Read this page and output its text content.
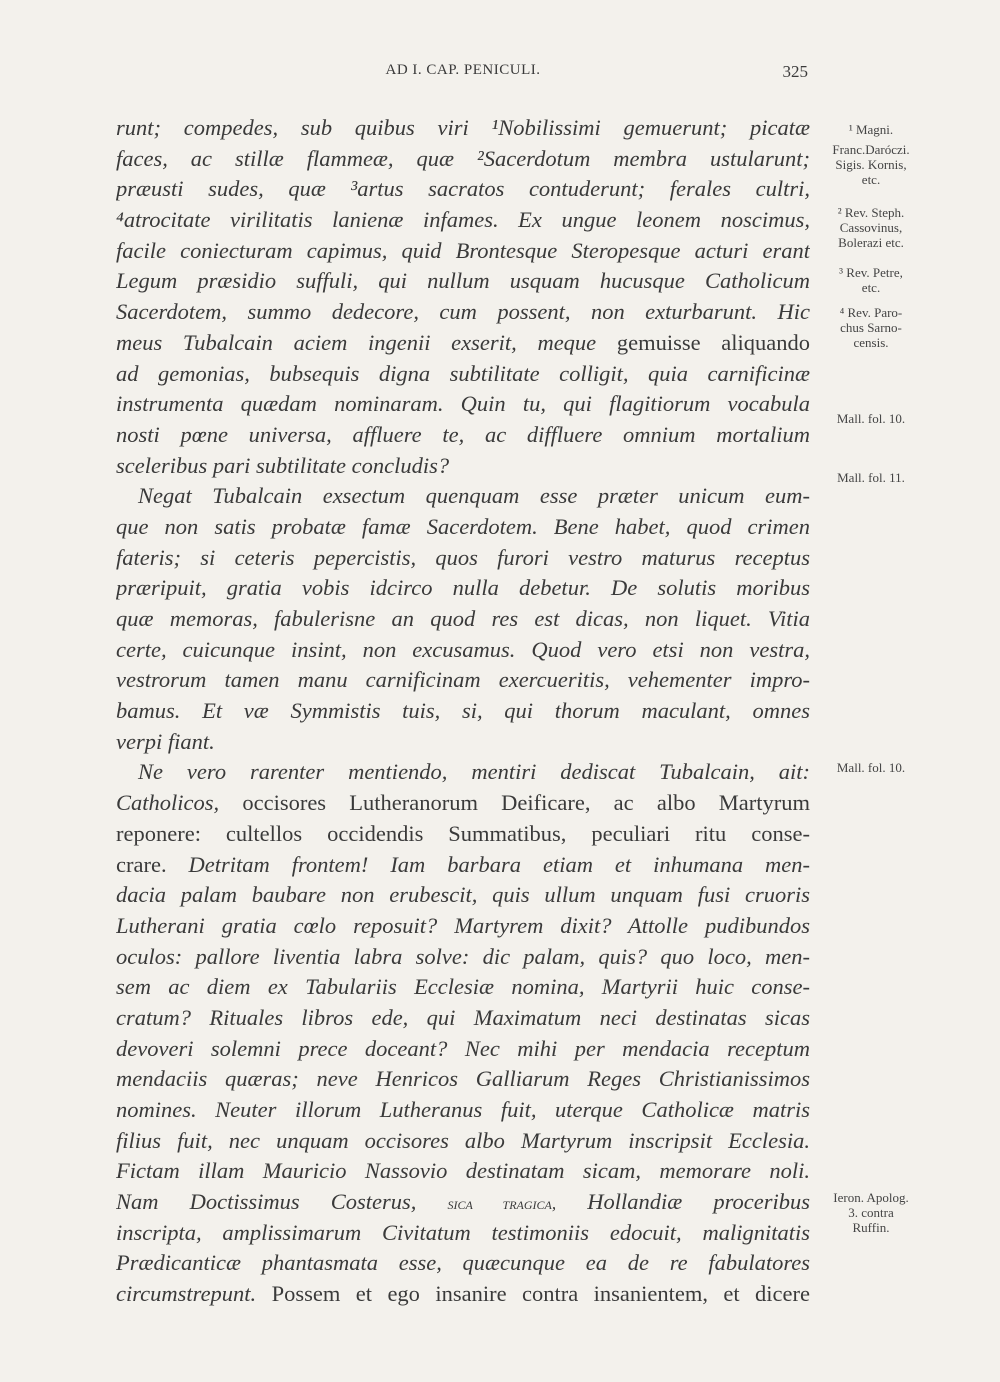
AD I. CAP. PENICULI.	325
runt; compedes, sub quibus viri ¹Nobilissimi gemuerunt; picatæ
faces, ac stillæ flammeæ, quæ ²Sacerdotum membra ustularunt;
præusti sudes, quæ ³artus sacratos contuderunt; ferales cultri,
⁴atrocitate virilitatis lanienæ infames. Ex ungue leonem noscimus,
facile coniecturam capimus, quid Brontesque Steropesque acturi erant
Legum præsidio suffuli, qui nullum usquam hucusque Catholicum
Sacerdotem, summo dedecore, cum possent, non exturbarunt. Hic
meus Tubalcain aciem ingenii exserit, meque gemuisse aliquando
ad gemonias, bubsequis digna subtilitate colligit, quia carnificinæ
instrumenta quædam nominaram. Quin tu, qui flagitiorum vocabula
nosti pœne universa, affluere te, ac diffluere omnium mortalium
sceleribus pari subtilitate concludis?
Negat Tubalcain exsectum quenquam esse præter unicum eum-
que non satis probatæ famæ Sacerdotem. Bene habet, quod crimen
fateris; si ceteris pepercistis, quos furori vestro maturus receptus
præripuit, gratia vobis idcirco nulla debetur. De solutis moribus
quæ memoras, fabulerisne an quod res est dicas, non liquet. Vitia
certe, cuicunque insint, non excusamus. Quod vero etsi non vestra,
vestrorum tamen manu carnificinam exercueritis, vehementer impro-
bamus. Et væ Symmistis tuis, si, qui thorum maculant, omnes
verpi fiant.
Ne vero rarenter mentiendo, mentiri dediscat Tubalcain, ait:
Catholicos, occisores Lutheranorum Deificare, ac albo Martyrum
reponere: cultellos occidendis Summatibus, peculiari ritu conse-
crare. Detritam frontem! Iam barbara etiam et inhumana men-
dacia palam baubare non erubescit, quis ullum unquam fusi cruoris
Lutherani gratia cœlo reposuit? Martyrem dixit? Attolle pudibundos
oculos: pallore liventia labra solve: dic palam, quis? quo loco, men-
sem ac diem ex Tabulariis Ecclesiæ nomina, Martyrii huic conse-
cratum? Rituales libros ede, qui Maximatum neci destinatas sicas
devoveri solemni prece doceant? Nec mihi per mendacia receptum
mendaciis quæras; neve Henricos Galliarum Reges Christianissimos
nomines. Neuter illorum Lutheranus fuit, uterque Catholicæ matris
filius fuit, nec unquam occisores albo Martyrum inscripsit Ecclesia.
Fictam illam Mauricio Nassovio destinatam sicam, memorare noli.
Nam Doctissimus Costerus, sica tragica, Hollandiæ proceribus
inscripta, amplissimarum Civitatum testimoniis edocuit, malignitatis
Prædicanticæ phantasmata esse, quæcunque ea de re fabulatores
circumstrepunt. Possem et ego insanire contra insanientem, et dicere
¹ Magni.
Franc.Daróczi.
Sigis. Kornis,
etc.
² Rev. Steph.
Cassovinus,
Bolerazi etc.
³ Rev. Petre,
etc.
⁴ Rev. Paro-
chus Sarno-
censis.
Mall. fol. 10.
Mall. fol. 11.
Mall. fol. 10.
Ieron. Apolog.
3. contra
Ruffin.
